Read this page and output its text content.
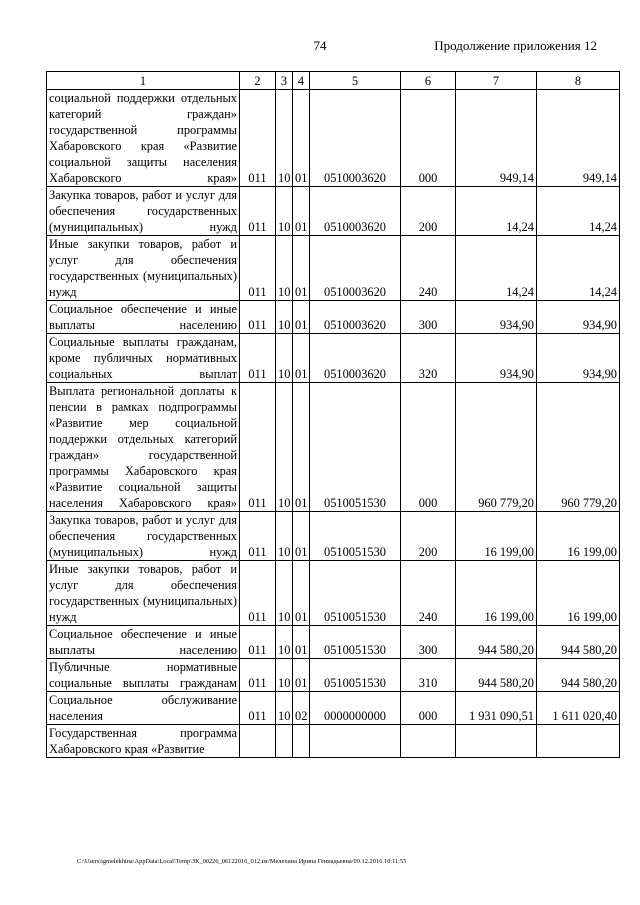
74	Продолжение приложения 12
1	2	3	4	5	6	7	8
социальной поддержки отдельных категорий граждан» государственной программы Хабаровского края «Развитие социальной защиты населения Хабаровского края»	011	10	01	0510003620	000	949,14	949,14
Закупка товаров, работ и услуг для обеспечения государственных (муниципальных) нужд	011	10	01	0510003620	200	14,24	14,24
Иные закупки товаров, работ и услуг для обеспечения государственных (муниципальных) нужд	011	10	01	0510003620	240	14,24	14,24
Социальное обеспечение и иные выплаты населению	011	10	01	0510003620	300	934,90	934,90
Социальные выплаты гражданам, кроме публичных нормативных социальных выплат	011	10	01	0510003620	320	934,90	934,90
Выплата региональной доплаты к пенсии в рамках подпрограммы «Развитие мер социальной поддержки отдельных категорий граждан» государственной программы Хабаровского края «Развитие социальной защиты населения Хабаровского края»	011	10	01	0510051530	000	960 779,20	960 779,20
Закупка товаров, работ и услуг для обеспечения государственных (муниципальных) нужд	011	10	01	0510051530	200	16 199,00	16 199,00
Иные закупки товаров, работ и услуг для обеспечения государственных (муниципальных) нужд	011	10	01	0510051530	240	16 199,00	16 199,00
Социальное обеспечение и иные выплаты населению	011	10	01	0510051530	300	944 580,20	944 580,20
Публичные нормативные социальные выплаты гражданам	011	10	01	0510051530	310	944 580,20	944 580,20
Социальное обслуживание населения	011	10	02	0000000000	000	1 931 090,51	1 611 020,40
Государственная программа Хабаровского края «Развитие							
C:\Users\igmelekhina\AppData\Local\Temp\ЗК_00226_06122016_012.tsr/Мелехина Ирина Геннадьевна/09.12.2016 10:11:55
